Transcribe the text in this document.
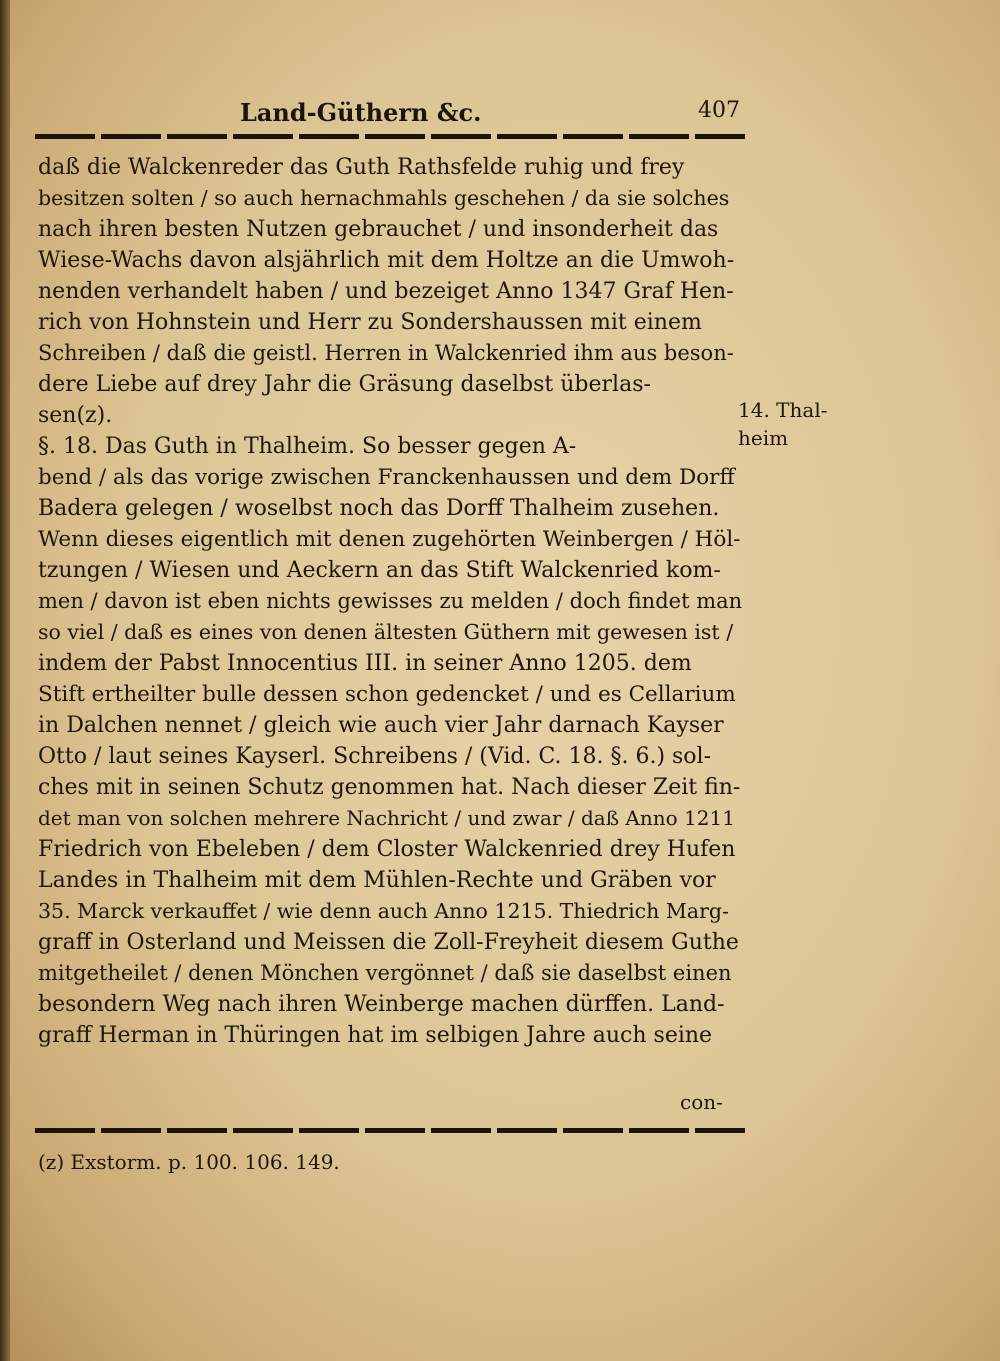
Land-Güthern &c.	407
daß die Walckenreder das Guth Rathsfelde ruhig und frey
besitzen solten / so auch hernachmahls geschehen / da sie solches
nach ihren besten Nutzen gebrauchet / und insonderheit das
Wiese-Wachs davon alsjährlich mit dem Holtze an die Umwoh-
nenden verhandelt haben / und bezeiget Anno 1347 Graf Hen-
rich von Hohnstein und Herr zu Sondershaussen mit einem
Schreiben / daß die geistl. Herren in Walckenried ihm aus beson-
dere Liebe auf drey Jahr die Gräsung daselbst überlas-
sen(z).
§. 18. Das Guth in Thalheim. So besser gegen A-
bend / als das vorige zwischen Franckenhaussen und dem Dorff
Badera gelegen / woselbst noch das Dorff Thalheim zusehen.
Wenn dieses eigentlich mit denen zugehörten Weinbergen / Höl-
tzungen / Wiesen und Aeckern an das Stift Walckenried kom-
men / davon ist eben nichts gewisses zu melden / doch findet man
so viel / daß es eines von denen ältesten Güthern mit gewesen ist /
indem der Pabst Innocentius III. in seiner Anno 1205. dem
Stift ertheilter bulle dessen schon gedencket / und es Cellarium
in Dalchen nennet / gleich wie auch vier Jahr darnach Kayser
Otto / laut seines Kayserl. Schreibens / (Vid. C. 18. §. 6.) sol-
ches mit in seinen Schutz genommen hat. Nach dieser Zeit fin-
det man von solchen mehrere Nachricht / und zwar / daß Anno 1211
Friedrich von Ebeleben / dem Closter Walckenried drey Hufen
Landes in Thalheim mit dem Mühlen-Rechte und Gräben vor
35. Marck verkauffet / wie denn auch Anno 1215. Thiedrich Marg-
graff in Osterland und Meissen die Zoll-Freyheit diesem Guthe
mitgetheilet / denen Mönchen vergönnet / daß sie daselbst einen
besondern Weg nach ihren Weinberge machen dürffen. Land-
graff Herman in Thüringen hat im selbigen Jahre auch seine
14. Thal-heim
con-
(z) Exstorm. p. 100. 106. 149.
